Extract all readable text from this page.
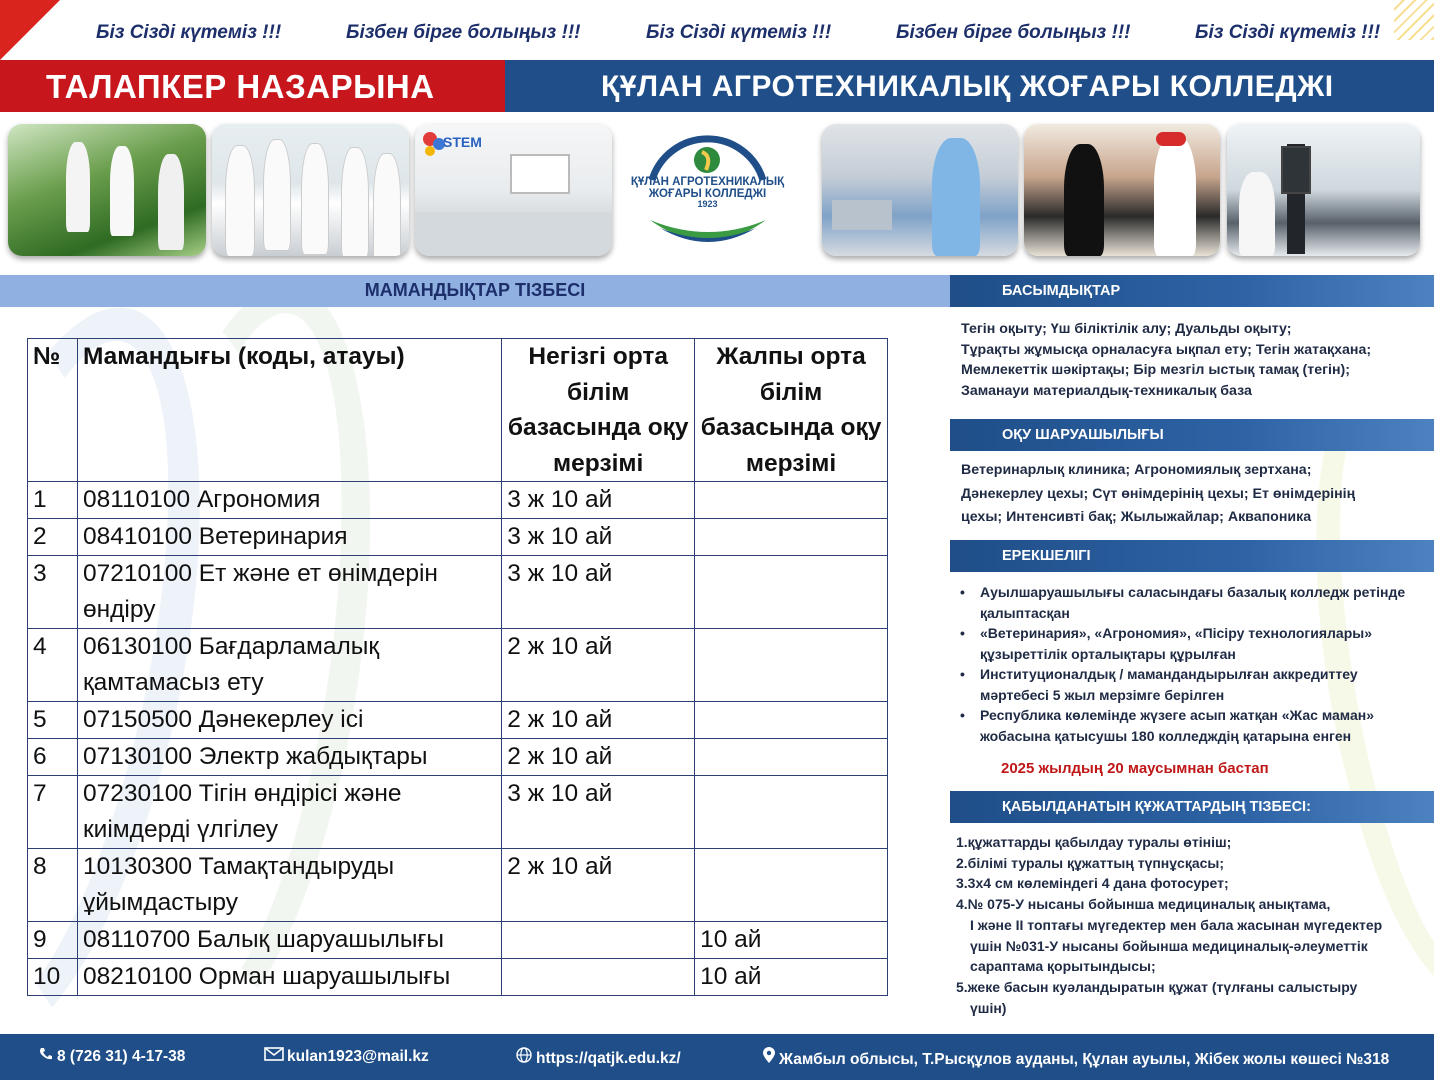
Біз Сізді күтеміз !!!	Бізбен бірге болыңыз !!!	Біз Сізді күтеміз !!!	Бізбен бірге болыңыз !!!	Біз Сізді күтеміз !!!
ТАЛАПКЕР НАЗАРЫНА	ҚҰЛАН АГРОТЕХНИКАЛЫҚ ЖОҒАРЫ КОЛЛЕДЖІ
STEM
ҚҰЛАН АГРОТЕХНИКАЛЫҚ
ЖОҒАРЫ КОЛЛЕДЖІ
1923
МАМАНДЫҚТАР ТІЗБЕСІ
№	Мамандығы (коды, атауы)	Негізгі орта білім базасында оқу мерзімі	Жалпы орта білім базасында оқу мерзімі
1	08110100 Агрономия	3 ж 10 ай	
2	08410100 Ветеринария	3 ж 10 ай	
3	07210100 Ет және ет өнімдерін өндіру	3 ж 10 ай	
4	06130100 Бағдарламалық қамтамасыз ету	2 ж 10 ай	
5	07150500 Дәнекерлеу ісі	2 ж 10 ай	
6	07130100 Электр жабдықтары	2 ж 10 ай	
7	07230100 Тігін өндірісі және киімдерді үлгілеу	3 ж 10 ай	
8	10130300 Тамақтандыруды ұйымдастыру	2 ж 10 ай	
9	08110700 Балық шаруашылығы		10 ай
10	08210100 Орман шаруашылығы		10 ай
БАСЫМДЫҚТАР
Тегін оқыту; Үш біліктілік алу; Дуальды оқыту;
Тұрақты жұмысқа орналасуға ықпал ету; Тегін жатақхана;
Мемлекеттік шәкіртақы; Бір мезгіл ыстық тамақ (тегін);
Заманауи материалдық-техникалық база
ОҚУ ШАРУАШЫЛЫҒЫ
Ветеринарлық клиника; Агрономиялық зертхана;
Дәнекерлеу цехы; Сүт өнімдерінің цехы; Ет өнімдерінің
цехы; Интенсивті бақ; Жылыжайлар; Аквапоника
ЕРЕКШЕЛІГІ
• Ауылшаруашылығы саласындағы базалық колледж ретінде қалыптасқан
• «Ветеринария», «Агрономия», «Пісіру технологиялары» құзыреттілік орталықтары құрылған
• Институционалдық / мамандандырылған аккредиттеу мәртебесі 5 жыл мерзімге берілген
• Республика көлемінде жүзеге асып жатқан «Жас маман» жобасына қатысушы 180 колледждің қатарына енген
2025 жылдың 20 маусымнан бастап
ҚАБЫЛДАНАТЫН ҚҰЖАТТАРДЫҢ ТІЗБЕСІ:
1.құжаттарды қабылдау туралы өтініш;
2.білімі туралы құжаттың түпнұсқасы;
3.3х4 см көлеміндегі 4 дана фотосурет;
4.№ 075-У нысаны бойынша медициналық анықтама,
I және II топтағы мүгедектер мен бала жасынан мүгедектер
үшін №031-У нысаны бойынша медициналық-әлеуметтік
сараптама қорытындысы;
5.жеке басын куәландыратын құжат (түлғаны салыстыру
үшін)
8 (726 31) 4-17-38	kulan1923@mail.kz	https://qatjk.edu.kz/	Жамбыл облысы, Т.Рысқұлов ауданы, Құлан ауылы, Жібек жолы көшесі №318
